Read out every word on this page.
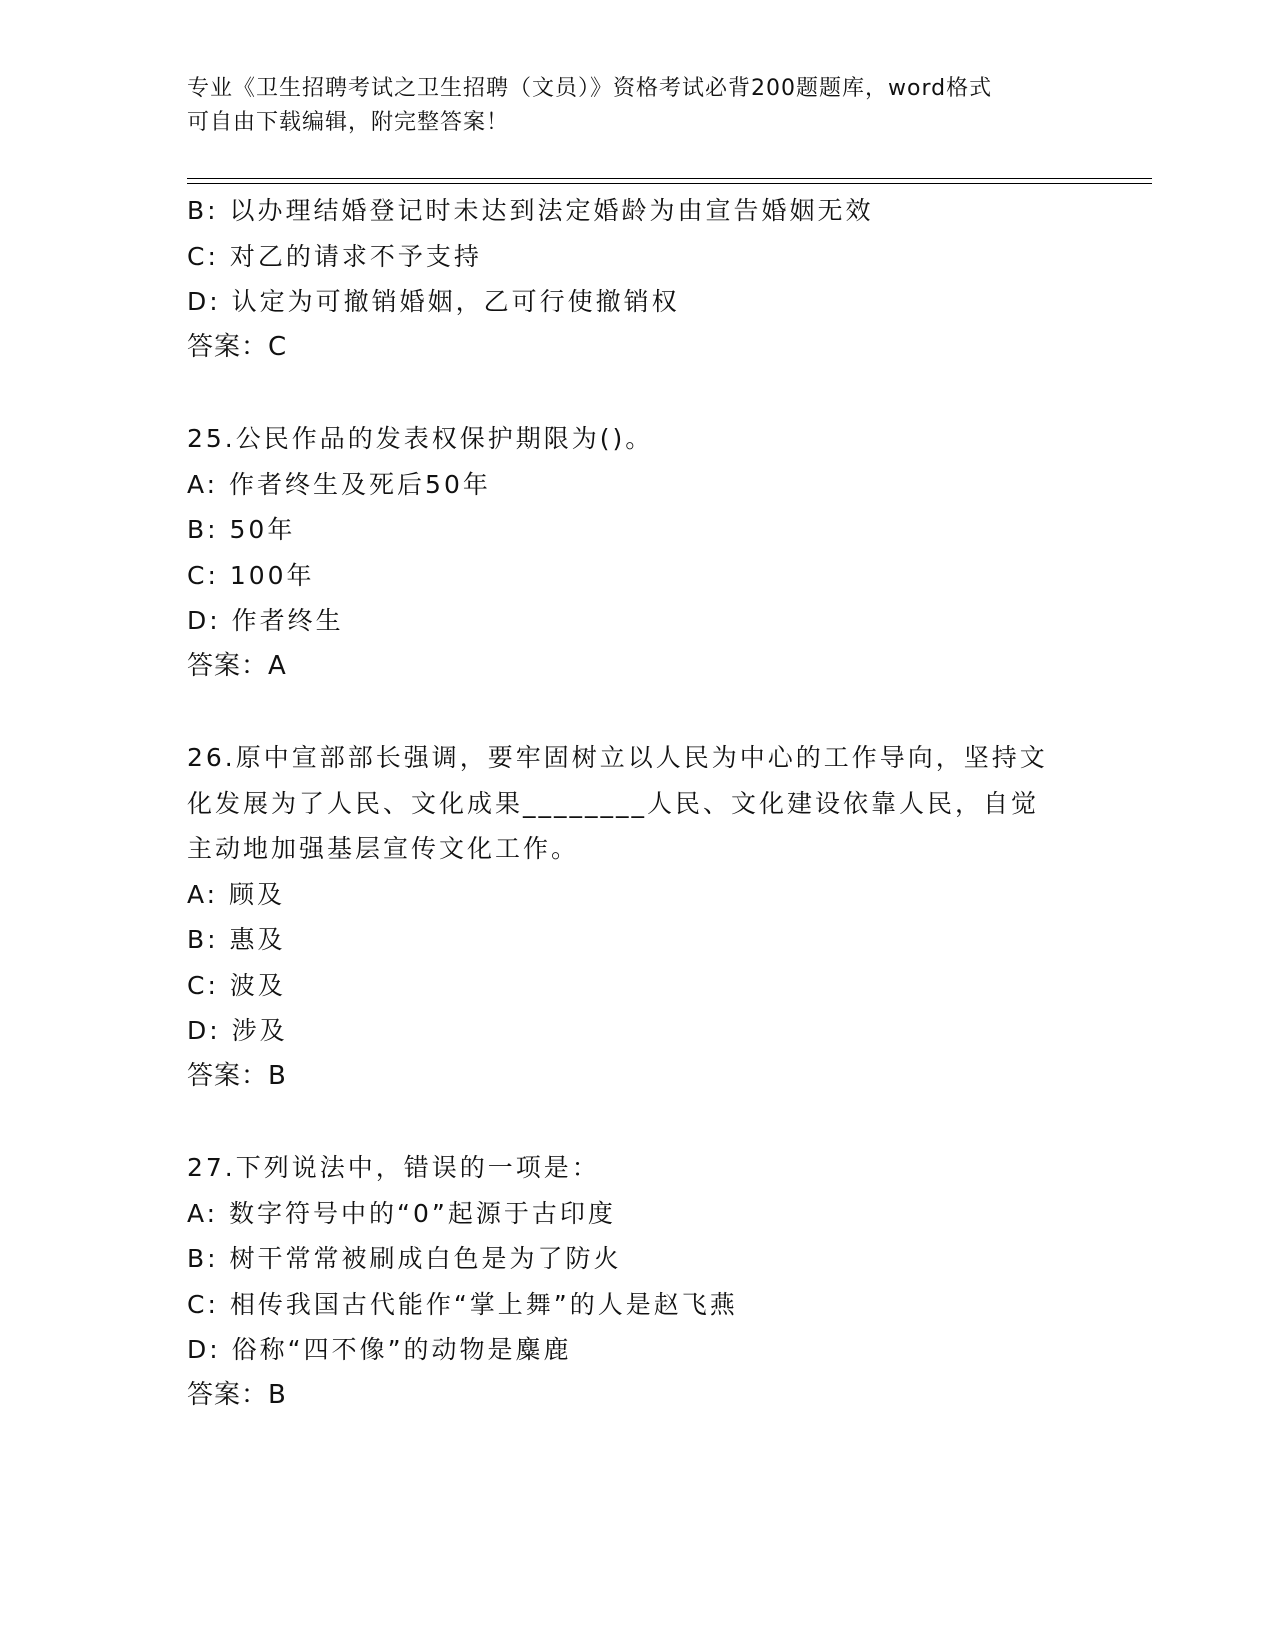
专业《卫生招聘考试之卫生招聘（文员）》资格考试必背200题题库，word格式
可自由下载编辑，附完整答案！
B: 以办理结婚登记时未达到法定婚龄为由宣告婚姻无效
C: 对乙的请求不予支持
D: 认定为可撤销婚姻，乙可行使撤销权
答案：C
25.公民作品的发表权保护期限为()。
A: 作者终生及死后50年
B: 50年
C: 100年
D: 作者终生
答案：A
26.原中宣部部长强调，要牢固树立以人民为中心的工作导向，坚持文
化发展为了人民、文化成果________人民、文化建设依靠人民，自觉
主动地加强基层宣传文化工作。
A: 顾及
B: 惠及
C: 波及
D: 涉及
答案：B
27.下列说法中，错误的一项是：
A: 数字符号中的“0”起源于古印度
B: 树干常常被刷成白色是为了防火
C: 相传我国古代能作“掌上舞”的人是赵飞燕
D: 俗称“四不像”的动物是麋鹿
答案：B
